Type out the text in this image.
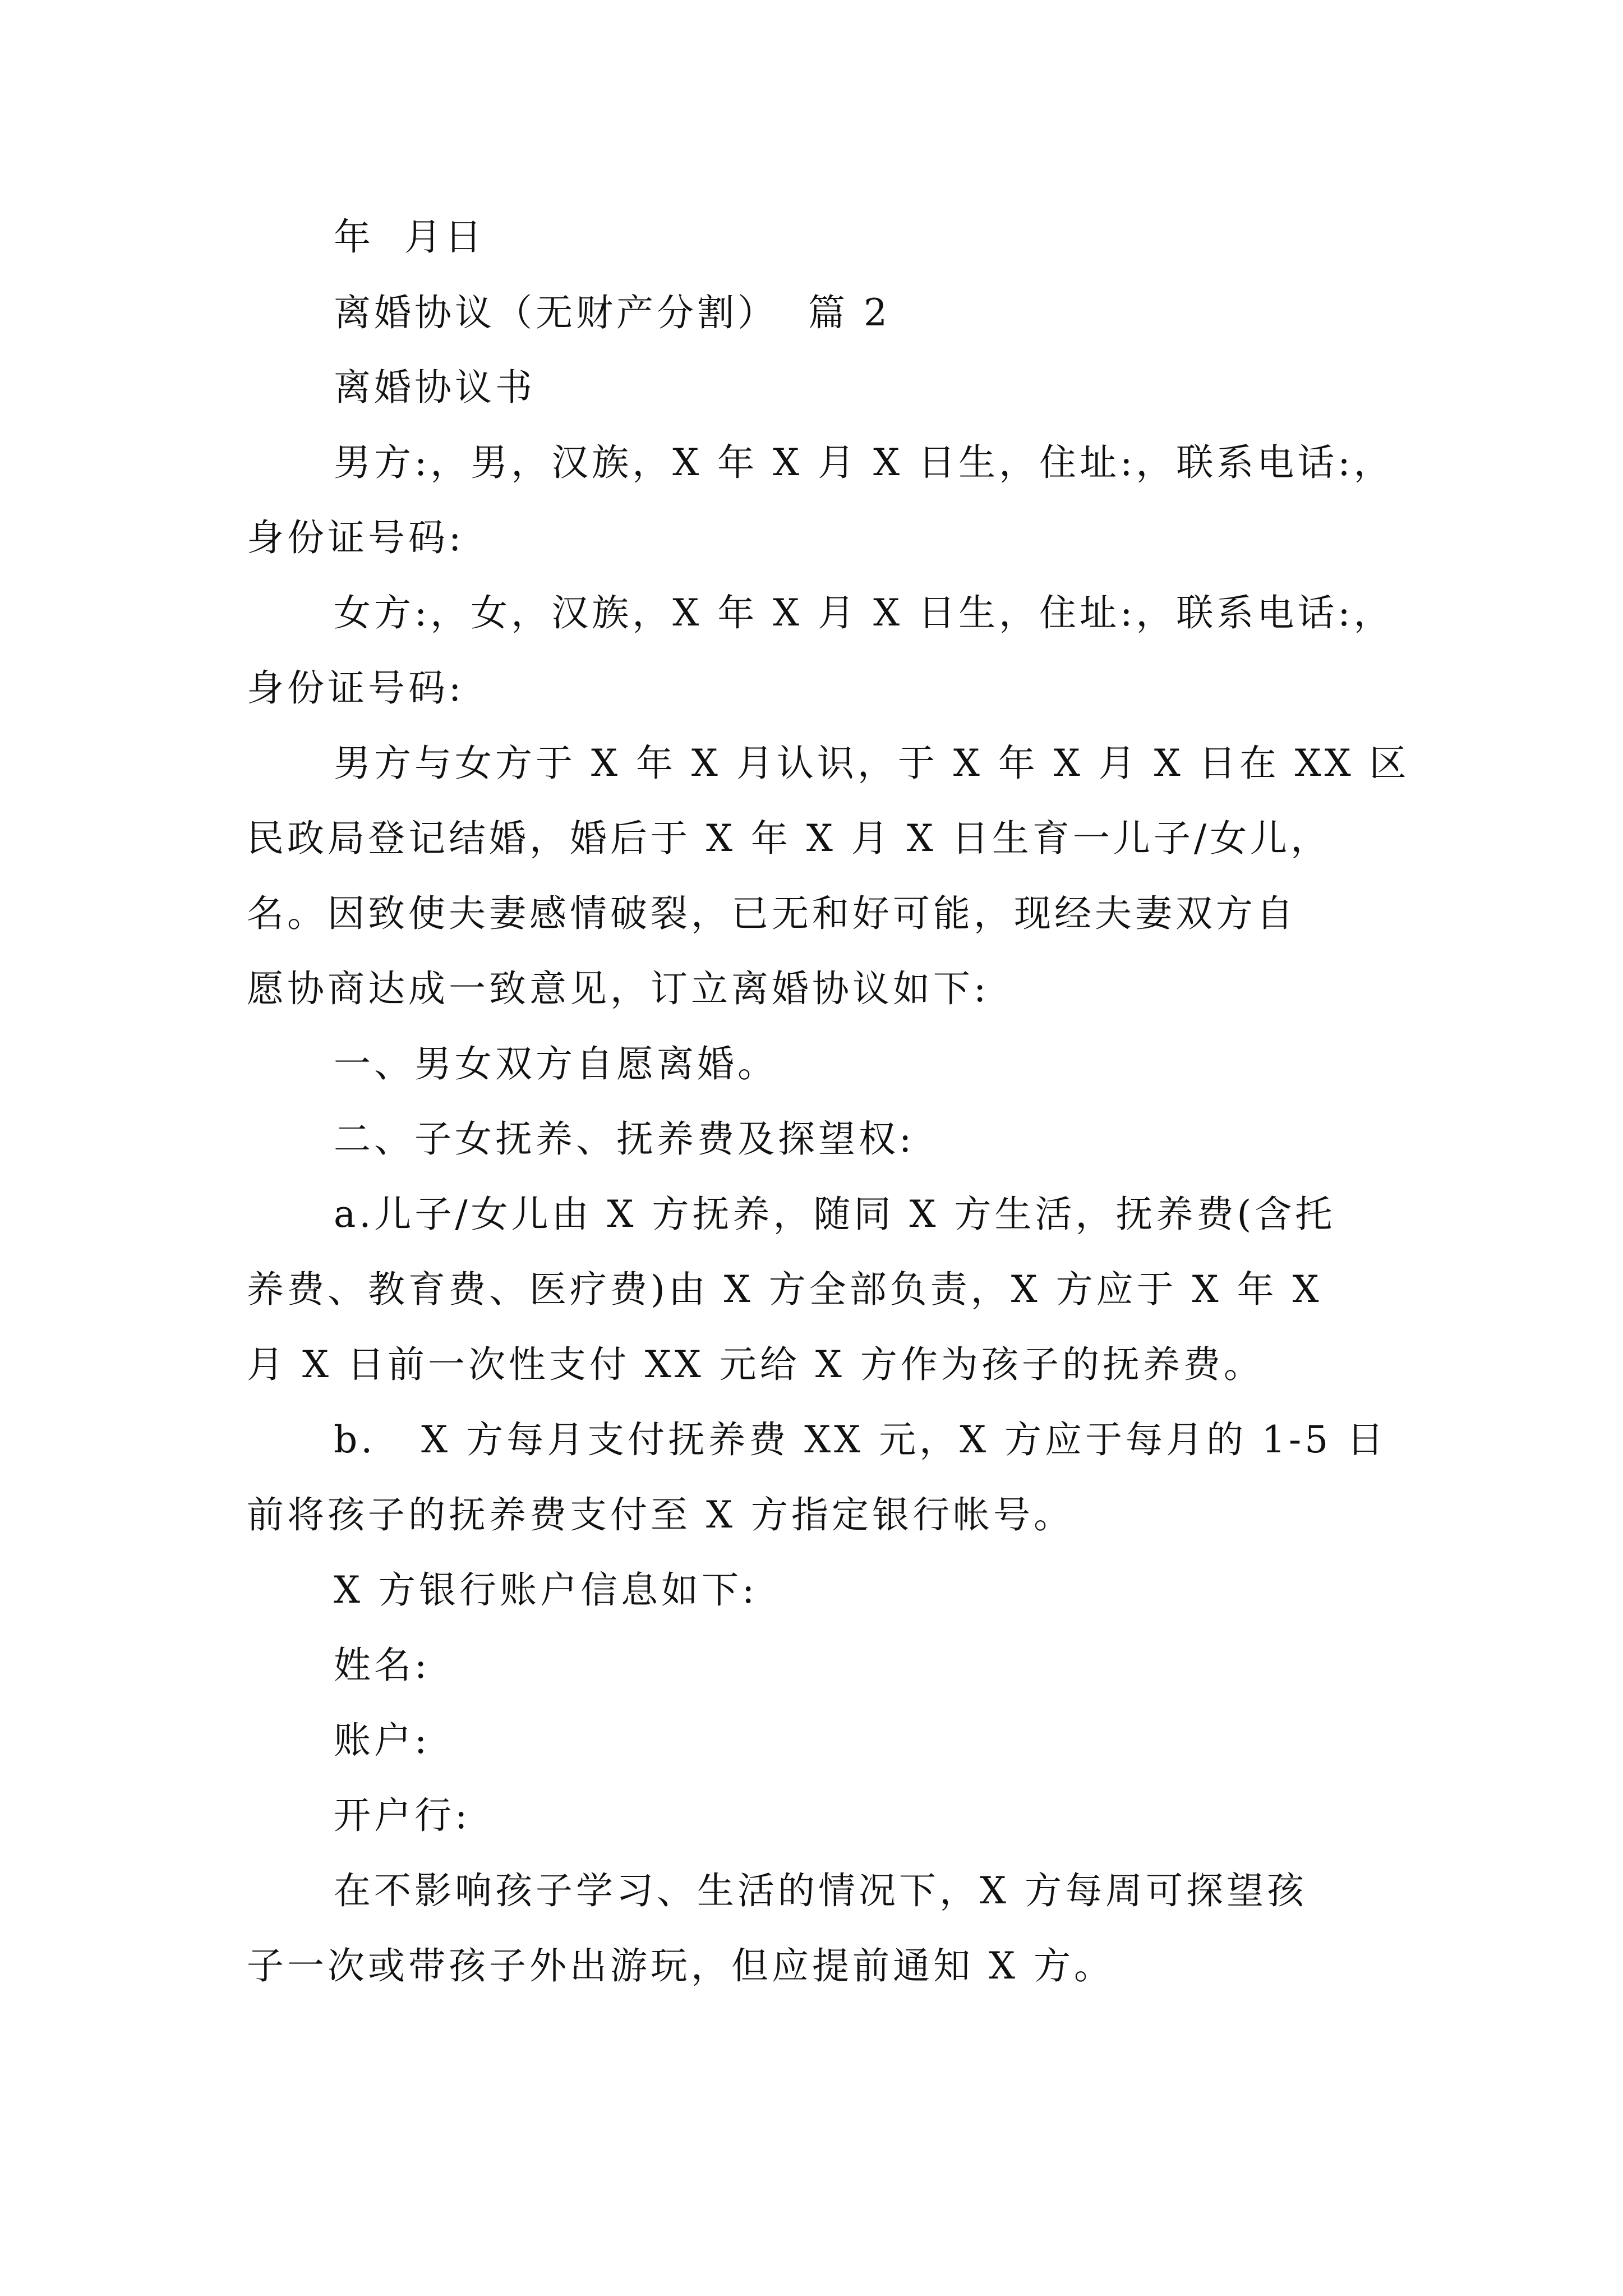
年  月日
离婚协议（无财产分割）  篇 2
离婚协议书
男方:，男，汉族，X 年 X 月 X 日生，住址:，联系电话:，
身份证号码:
女方:，女，汉族，X 年 X 月 X 日生，住址:，联系电话:，
身份证号码:
男方与女方于 X 年 X 月认识，于 X 年 X 月 X 日在 XX 区
民政局登记结婚，婚后于 X 年 X 月 X 日生育一儿子/女儿，
名。因致使夫妻感情破裂，已无和好可能，现经夫妻双方自
愿协商达成一致意见，订立离婚协议如下:
一、男女双方自愿离婚。
二、子女抚养、抚养费及探望权:
a.儿子/女儿由 X 方抚养，随同 X 方生活，抚养费(含托
养费、教育费、医疗费)由 X 方全部负责，X 方应于 X 年 X
月 X 日前一次性支付 XX 元给 X 方作为孩子的抚养费。
b.   X 方每月支付抚养费 XX 元，X 方应于每月的 1-5 日
前将孩子的抚养费支付至 X 方指定银行帐号。
X 方银行账户信息如下:
姓名:
账户:
开户行:
在不影响孩子学习、生活的情况下，X 方每周可探望孩
子一次或带孩子外出游玩，但应提前通知 X 方。
